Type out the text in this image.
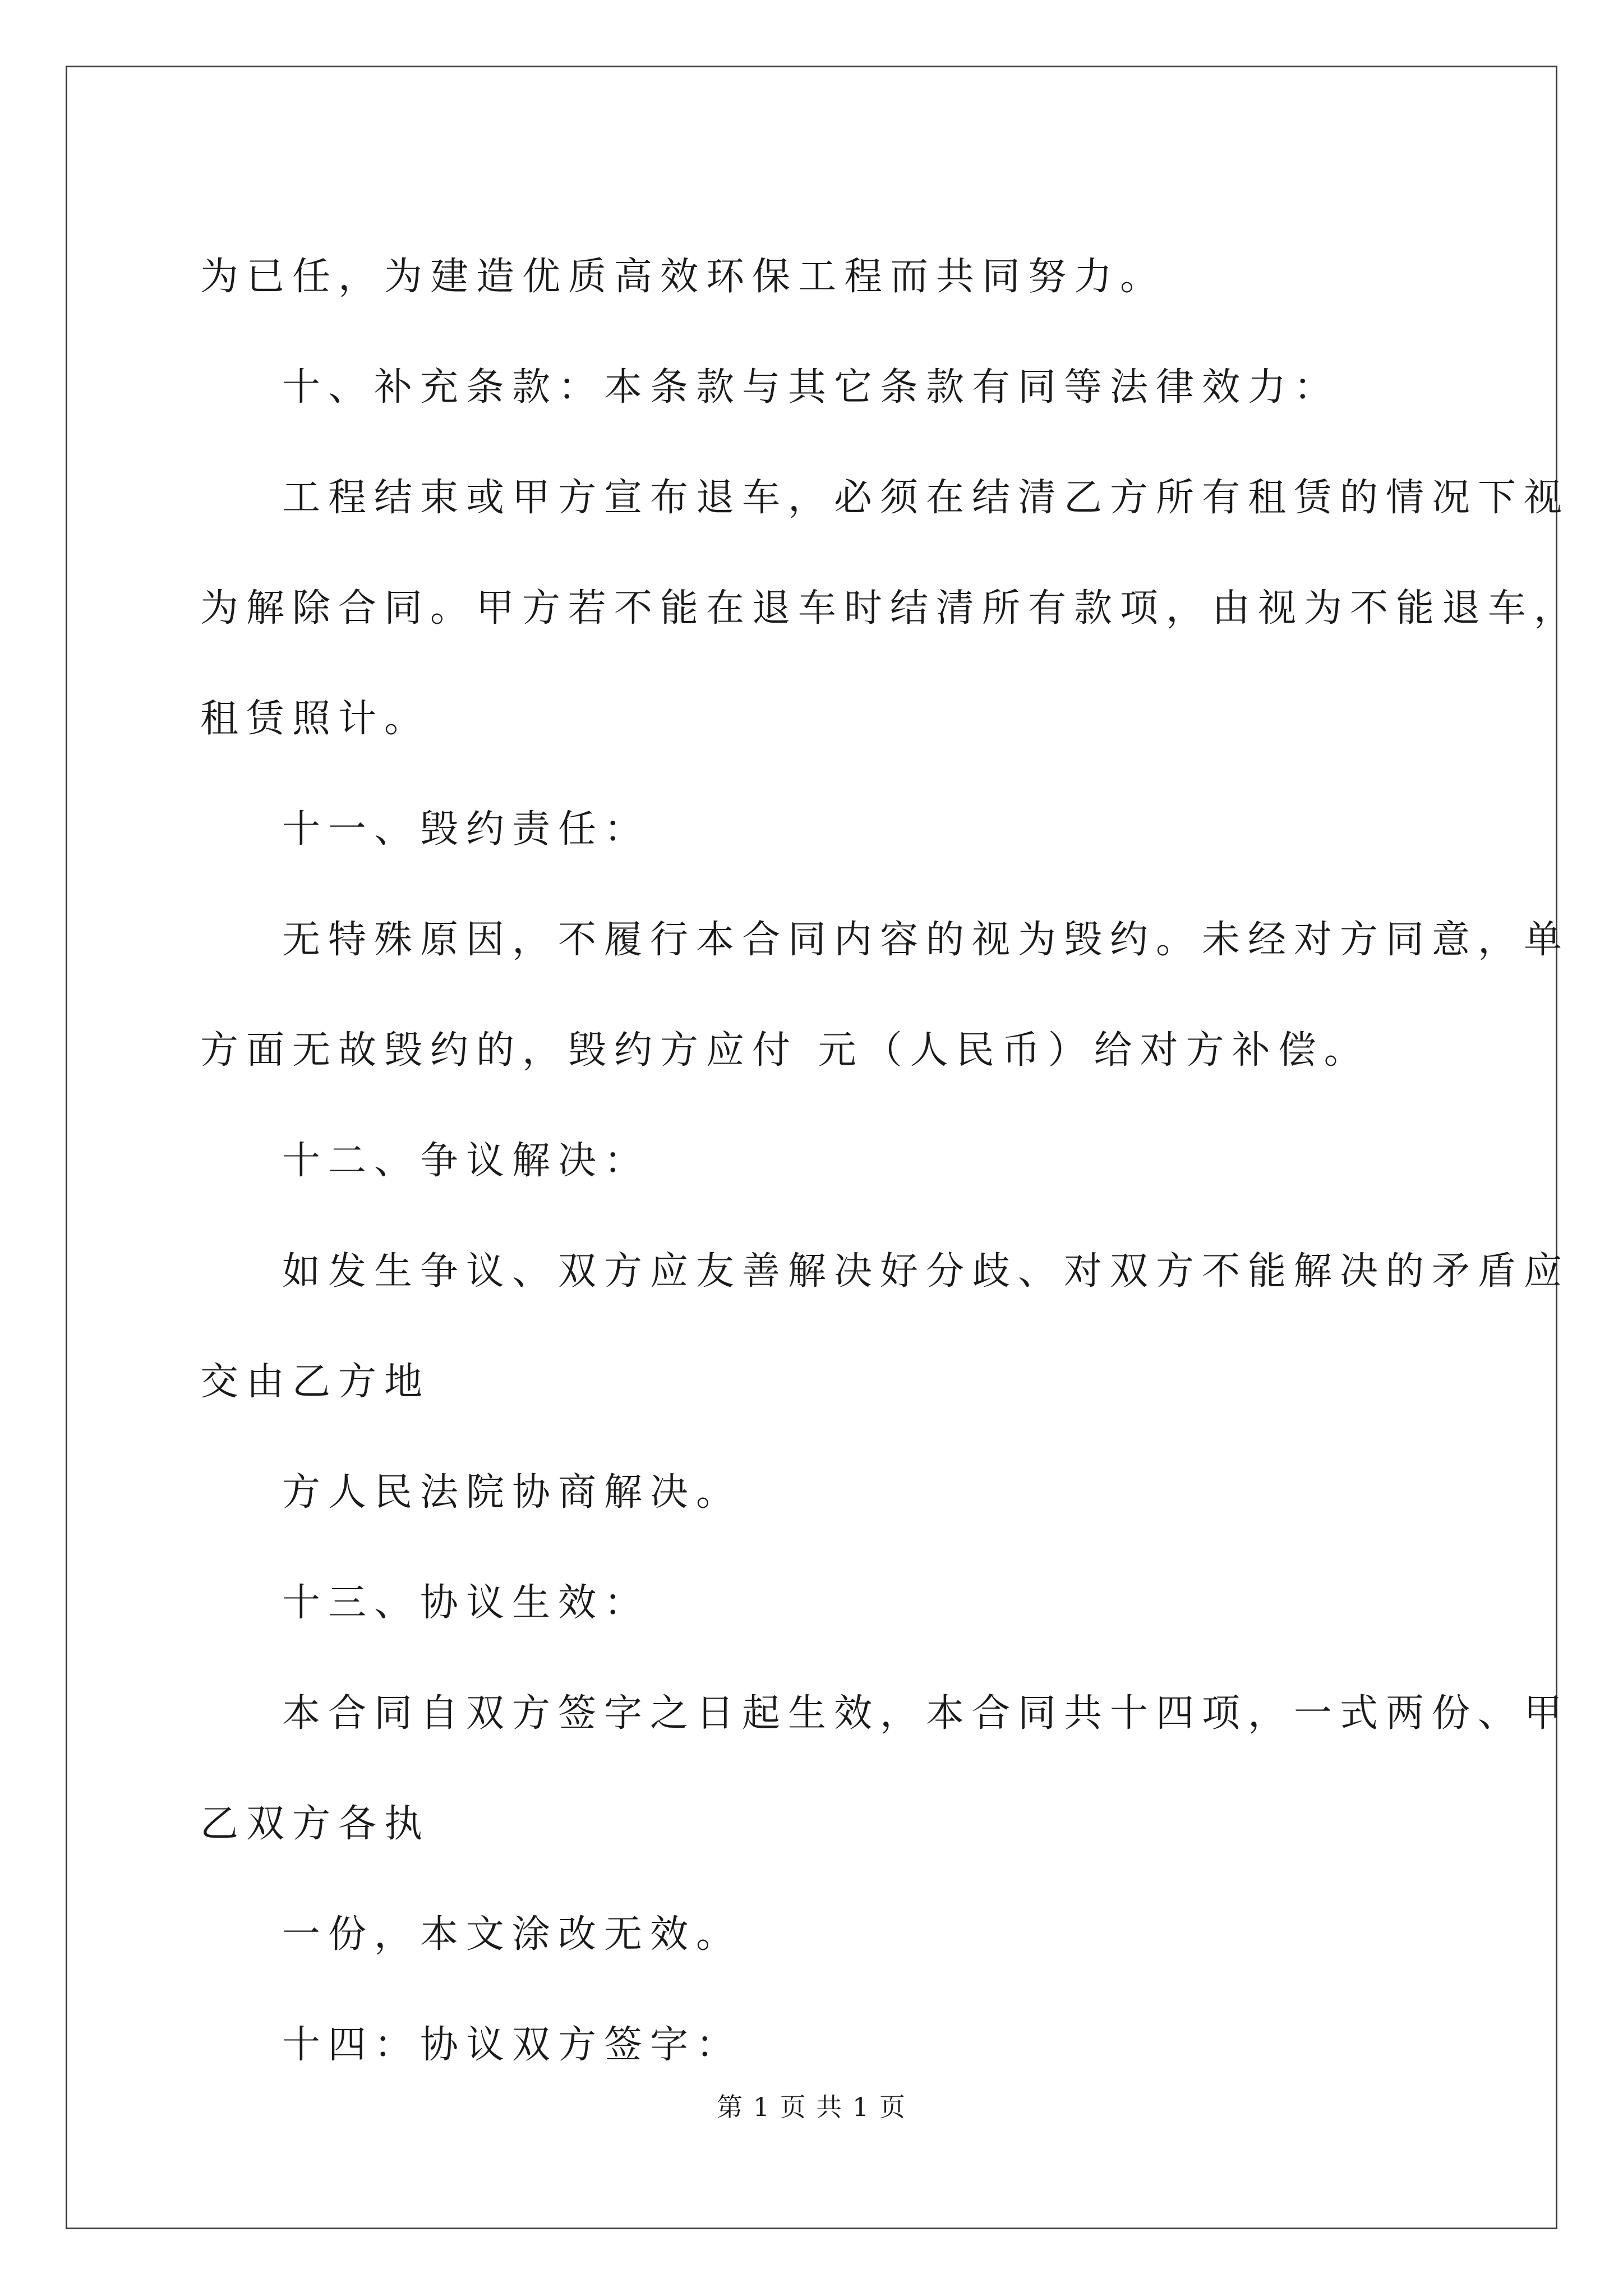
为已任，为建造优质高效环保工程而共同努力。

十、补充条款：本条款与其它条款有同等法律效力：

工程结束或甲方宣布退车，必须在结清乙方所有租赁的情况下视

为解除合同。甲方若不能在退车时结清所有款项，由视为不能退车，

租赁照计。

十一、毁约责任：

无特殊原因，不履行本合同内容的视为毁约。未经对方同意，单

方面无故毁约的，毁约方应付 元（人民币）给对方补偿。

十二、争议解决：

如发生争议、双方应友善解决好分歧、对双方不能解决的矛盾应

交由乙方地

方人民法院协商解决。

十三、协议生效：

本合同自双方签字之日起生效，本合同共十四项，一式两份、甲

乙双方各执

一份，本文涂改无效。

十四：协议双方签字：

第 1 页 共 1 页
